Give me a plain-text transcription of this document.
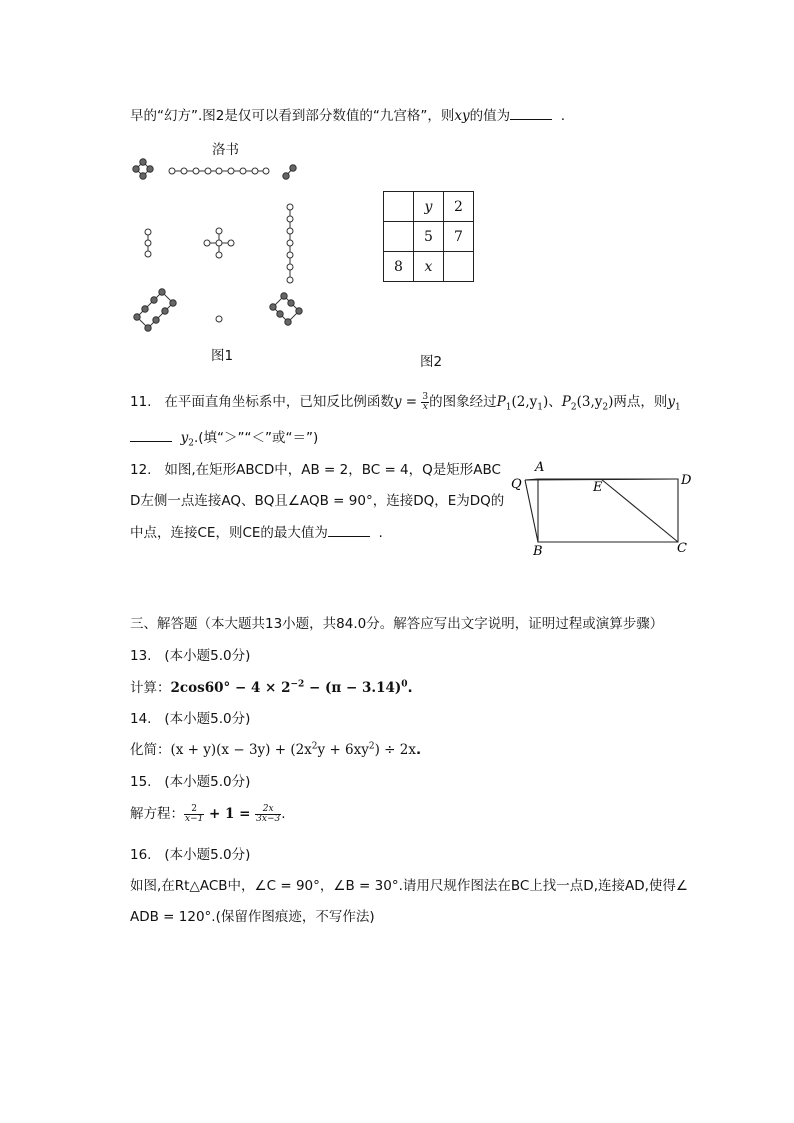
早的“幻方”.图2是仅可以看到部分数值的“九宫格”，则xy的值为	.
洛书
图1
	y	2
	5	7
8	x	
图2
11. 在平面直角坐标系中，已知反比例函数$y = \frac{3}{x}$ 的图象经过$P_1(2,y_1)$、$P_2(3,y_2)$两点，则$y_1$
$y_2$.(填“＞”“＜”或“＝”)
12. 如图,在矩形ABCD中，AB = 2，BC = 4，Q是矩形ABC
D左侧一点连接AQ、BQ且∠AQB = 90°，连接DQ，E为DQ的
中点，连接CE，则CE的最大值为	.
A
Q	E	D
B	C
三、解答题（本大题共13小题，共84.0分。解答应写出文字说明，证明过程或演算步骤）
13. (本小题5.0分)
计算：$2\cos 60^\circ - 4 \times 2^{-2} - (\pi - 3.14)^0$.
14. (本小题5.0分)
化简：$(x + y)(x - 3y) + (2x^2y + 6xy^2) \div 2x$.
15. (本小题5.0分)
解方程： $\frac{2}{x-1} + 1 = \frac{2x}{3x-3}$ .
16. (本小题5.0分)
如图,在Rt△ACB中，∠C = 90°，∠B = 30°.请用尺规作图法在BC上找一点D,连接AD,使得∠
ADB = 120°.(保留作图痕迹，不写作法)
